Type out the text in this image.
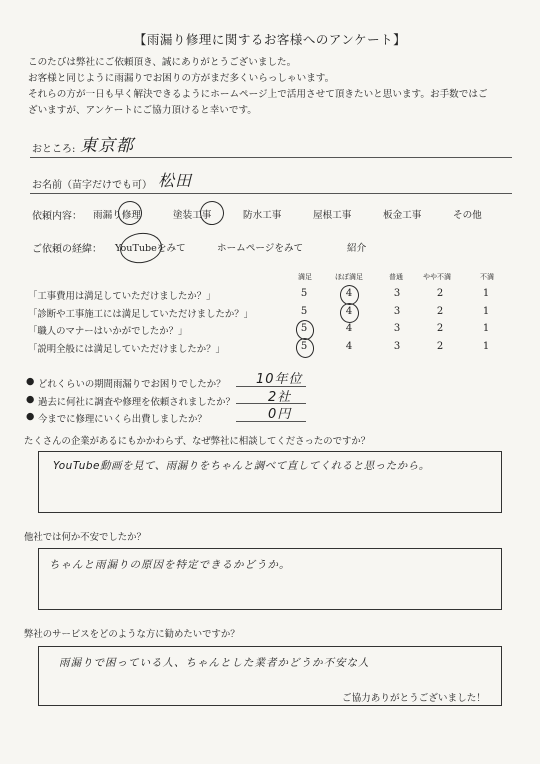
【雨漏り修理に関するお客様へのアンケート】
このたびは弊社にご依頼頂き、誠にありがとうございました。
お客様と同じように雨漏りでお困りの方がまだ多くいらっしゃいます。
それらの方が一日も早く解決できるようにホームページ上で活用させて頂きたいと思います。お手数ではご
ざいますが、アンケートにご協力頂けると幸いです。
おところ: 東京都
お名前（苗字だけでも可） 松田
依頼内容： 雨漏り修理	塗装工事	防水工事	屋根工事	板金工事	その他
ご依頼の経緯： YouTubeをみて	ホームページをみて	紹介
満足	ほぼ満足	普通	やや不満	不満
「工事費用は満足していただけましたか？」	5	4	3	2	1
「診断や工事施工には満足していただけましたか？」	5	4	3	2	1
「職人のマナーはいかがでしたか？」	5	4	3	2	1
「説明全般には満足していただけましたか？」	5	4	3	2	1
● どれくらいの期間雨漏りでお困りでしたか？ 10年位
● 過去に何社に調査や修理を依頼されましたか？	2社
● 今までに修理にいくら出費しましたか？	0円
たくさんの企業があるにもかかわらず、なぜ弊社に相談してくださったのですか？
YouTube動画を見て、雨漏りをちゃんと調べて直してくれると思ったから。
他社では何か不安でしたか？
ちゃんと雨漏りの原因を特定できるかどうか。
弊社のサービスをどのような方に勧めたいですか？
雨漏りで困っている人、ちゃんとした業者かどうか不安な人
ご協力ありがとうございました！
